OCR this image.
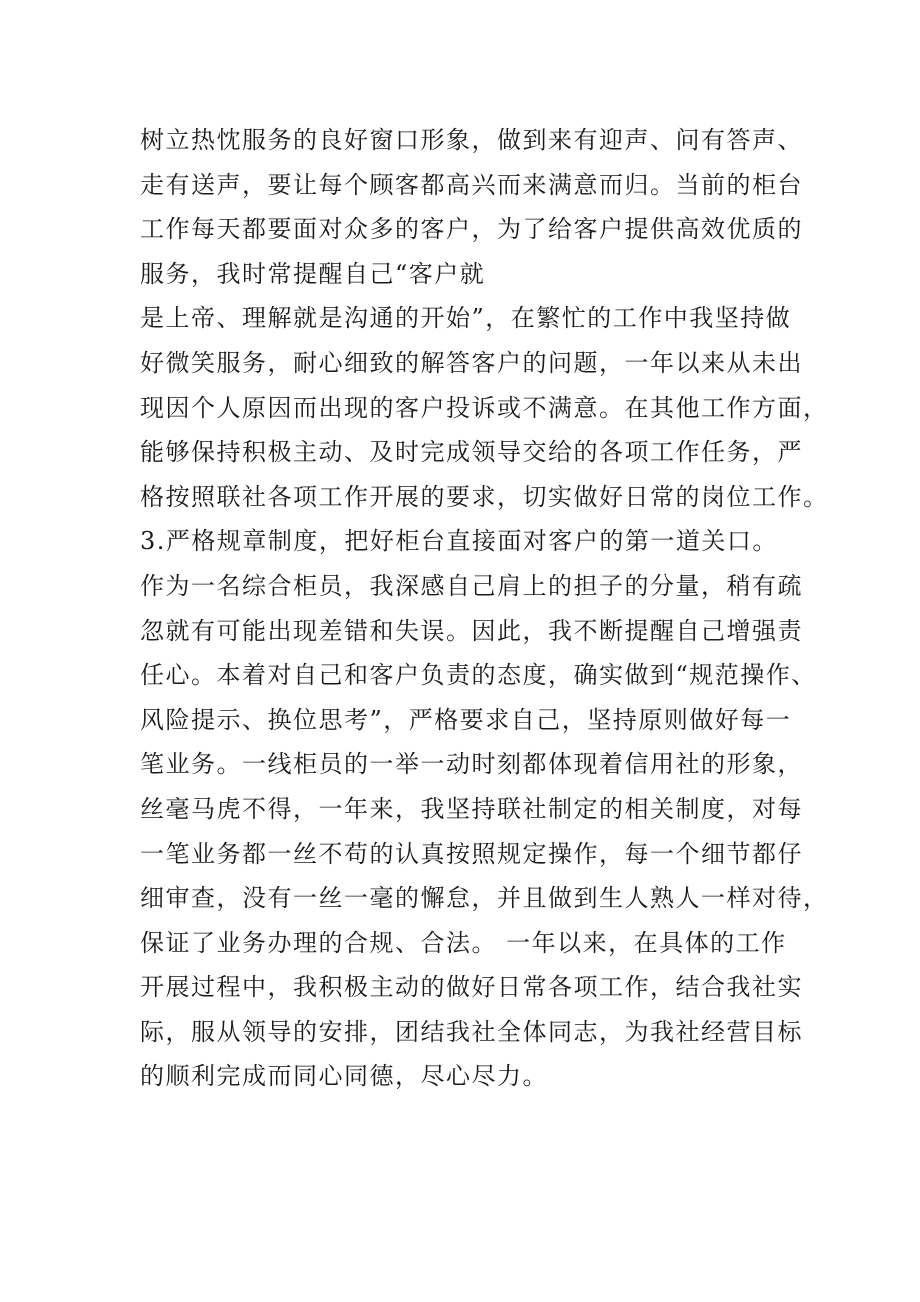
树立热忱服务的良好窗口形象，做到来有迎声、问有答声、
走有送声，要让每个顾客都高兴而来满意而归。当前的柜台
工作每天都要面对众多的客户，为了给客户提供高效优质的
服务，我时常提醒自己“客户就
是上帝、理解就是沟通的开始”，在繁忙的工作中我坚持做
好微笑服务，耐心细致的解答客户的问题，一年以来从未出
现因个人原因而出现的客户投诉或不满意。在其他工作方面，
能够保持积极主动、及时完成领导交给的各项工作任务，严
格按照联社各项工作开展的要求，切实做好日常的岗位工作。
3.严格规章制度，把好柜台直接面对客户的第一道关口。
作为一名综合柜员，我深感自己肩上的担子的分量，稍有疏
忽就有可能出现差错和失误。因此，我不断提醒自己增强责
任心。本着对自己和客户负责的态度，确实做到“规范操作、
风险提示、换位思考”，严格要求自己，坚持原则做好每一
笔业务。一线柜员的一举一动时刻都体现着信用社的形象，
丝毫马虎不得，一年来，我坚持联社制定的相关制度，对每
一笔业务都一丝不苟的认真按照规定操作，每一个细节都仔
细审查，没有一丝一毫的懈怠，并且做到生人熟人一样对待，
保证了业务办理的合规、合法。 一年以来，在具体的工作
开展过程中，我积极主动的做好日常各项工作，结合我社实
际，服从领导的安排，团结我社全体同志，为我社经营目标
的顺利完成而同心同德，尽心尽力。
